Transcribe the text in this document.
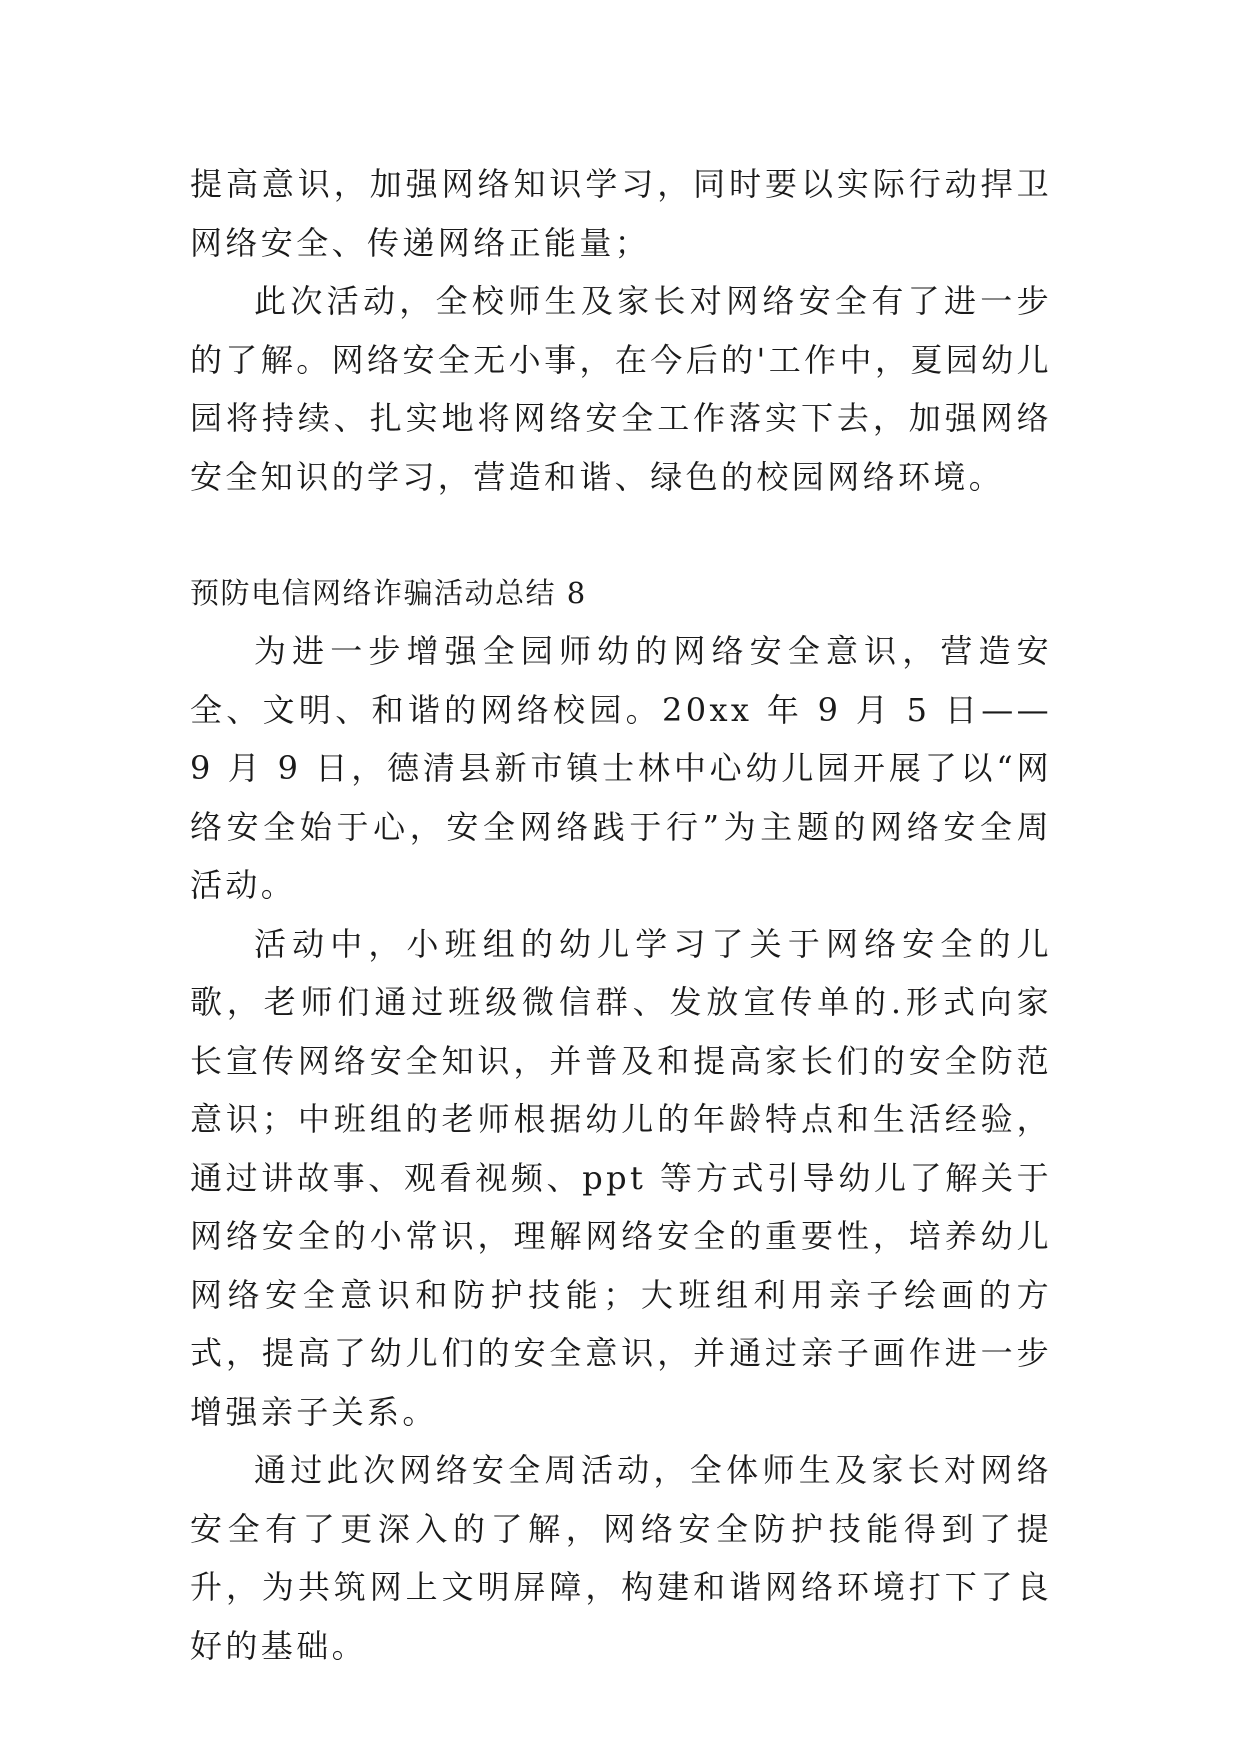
提高意识，加强网络知识学习，同时要以实际行动捍卫网络安全、传递网络正能量；

此次活动，全校师生及家长对网络安全有了进一步的了解。网络安全无小事，在今后的'工作中，夏园幼儿园将持续、扎实地将网络安全工作落实下去，加强网络安全知识的学习，营造和谐、绿色的校园网络环境。

预防电信网络诈骗活动总结 8

为进一步增强全园师幼的网络安全意识，营造安全、文明、和谐的网络校园。20xx 年 9 月 5 日——9 月 9 日，德清县新市镇士林中心幼儿园开展了以“网络安全始于心，安全网络践于行”为主题的网络安全周活动。

活动中，小班组的幼儿学习了关于网络安全的儿歌，老师们通过班级微信群、发放宣传单的.形式向家长宣传网络安全知识，并普及和提高家长们的安全防范意识；中班组的老师根据幼儿的年龄特点和生活经验，通过讲故事、观看视频、ppt 等方式引导幼儿了解关于网络安全的小常识，理解网络安全的重要性，培养幼儿网络安全意识和防护技能；大班组利用亲子绘画的方式，提高了幼儿们的安全意识，并通过亲子画作进一步增强亲子关系。

通过此次网络安全周活动，全体师生及家长对网络安全有了更深入的了解，网络安全防护技能得到了提升，为共筑网上文明屏障，构建和谐网络环境打下了良好的基础。
